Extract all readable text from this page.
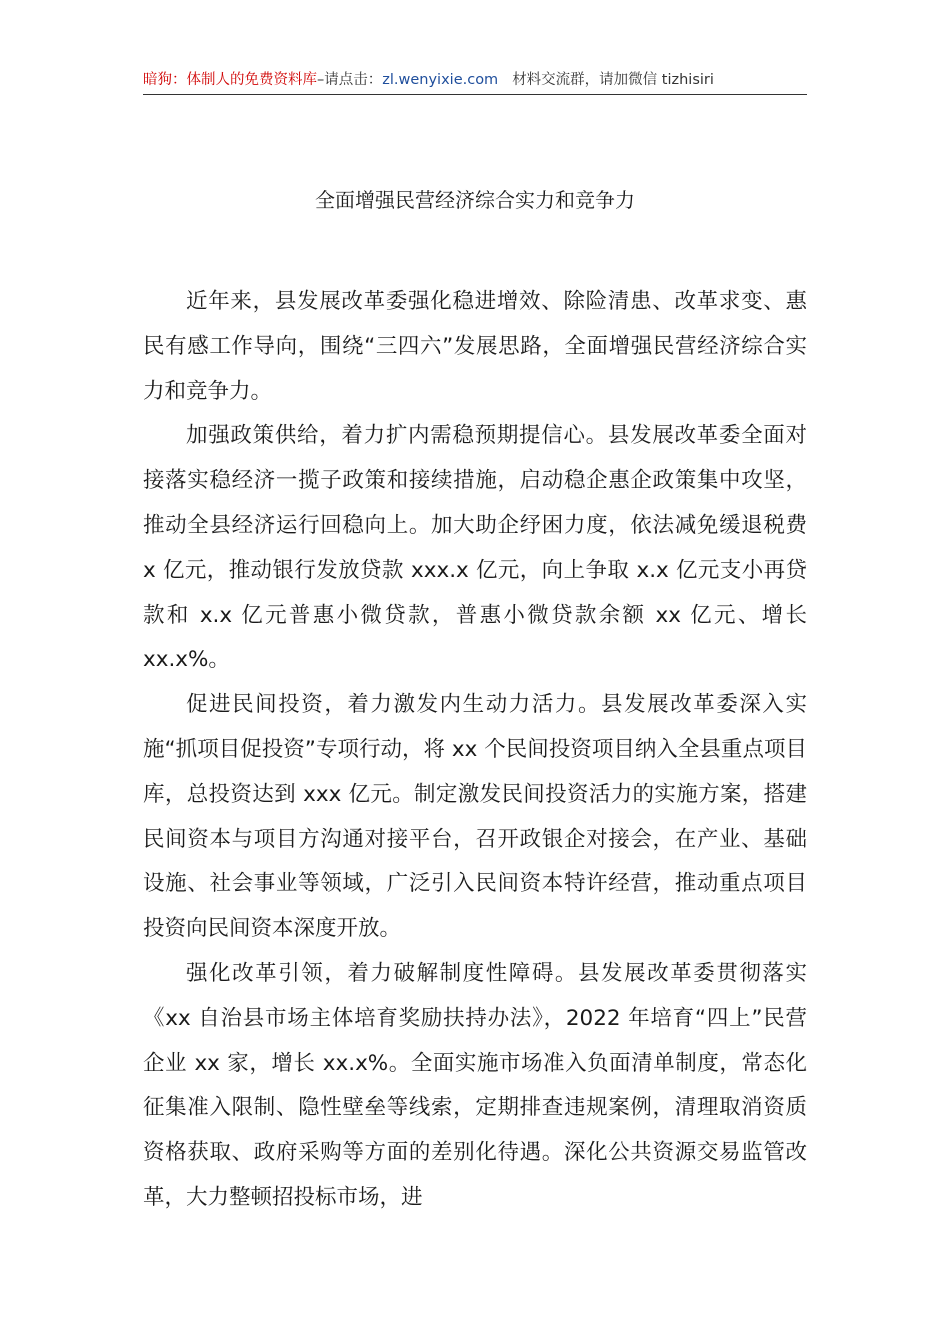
暗狗：体制人的免费资料库–请点击：zl.wenyixie.com 材料交流群，请加微信 tizhisiri
全面增强民营经济综合实力和竞争力

近年来，县发展改革委强化稳进增效、除险清患、改革求变、惠民有感工作导向，围绕“三四六”发展思路，全面增强民营经济综合实力和竞争力。

加强政策供给，着力扩内需稳预期提信心。县发展改革委全面对接落实稳经济一揽子政策和接续措施，启动稳企惠企政策集中攻坚，推动全县经济运行回稳向上。加大助企纾困力度，依法减免缓退税费 x 亿元，推动银行发放贷款 xxx.x 亿元，向上争取 x.x 亿元支小再贷款和 x.x 亿元普惠小微贷款，普惠小微贷款余额 xx 亿元、增长 xx.x%。

促进民间投资，着力激发内生动力活力。县发展改革委深入实施“抓项目促投资”专项行动，将 xx 个民间投资项目纳入全县重点项目库，总投资达到 xxx 亿元。制定激发民间投资活力的实施方案，搭建民间资本与项目方沟通对接平台，召开政银企对接会，在产业、基础设施、社会事业等领域，广泛引入民间资本特许经营，推动重点项目投资向民间资本深度开放。

强化改革引领，着力破解制度性障碍。县发展改革委贯彻落实《xx 自治县市场主体培育奖励扶持办法》，2022 年培育“四上”民营企业 xx 家，增长 xx.x%。全面实施市场准入负面清单制度，常态化征集准入限制、隐性壁垒等线索，定期排查违规案例，清理取消资质资格获取、政府采购等方面的差别化待遇。深化公共资源交易监管改革，大力整顿招投标市场，进
